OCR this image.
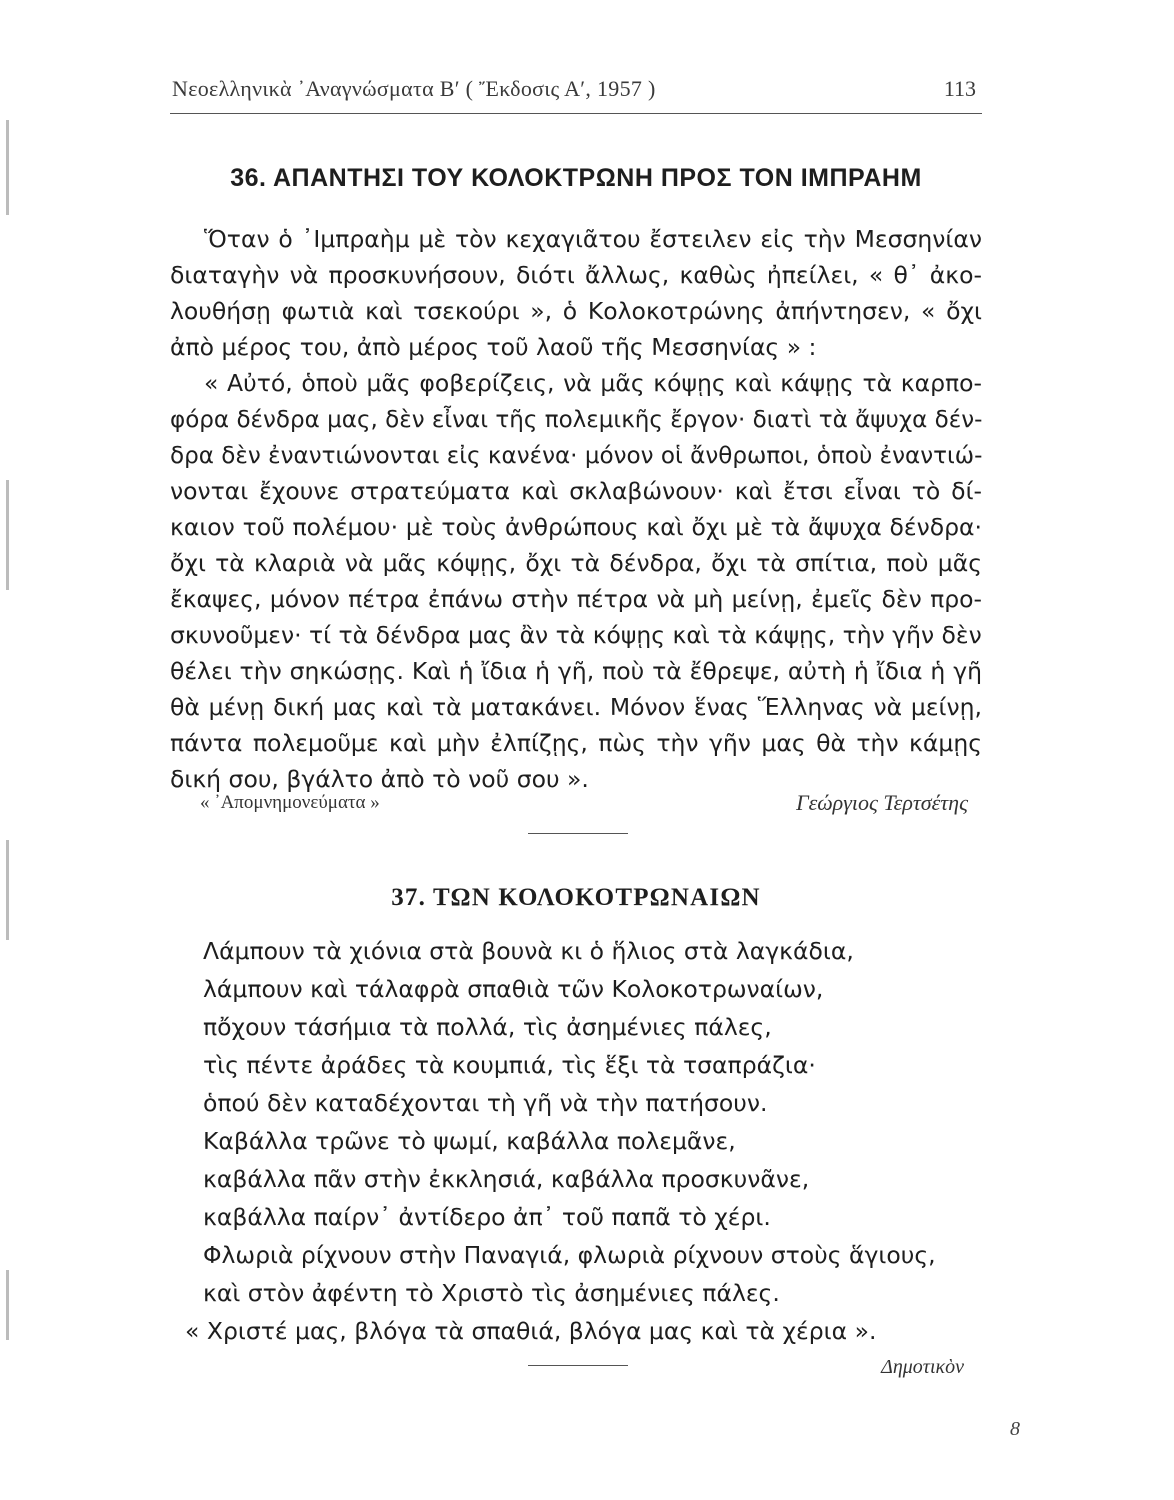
Νεοελληνικὰ ᾿Αναγνώσματα Β′ ( Ἔκδοσις Α′, 1957 )	113
36. ΑΠΑΝΤΗΣΙ ΤΟΥ ΚΟΛΟΚΤΡΩΝΗ ΠΡΟΣ ΤΟΝ ΙΜΠΡΑΗΜ
Ὅταν ὁ ᾿Ιμπραὴμ μὲ τὸν κεχαγιᾶτου ἔστειλεν εἰς τὴν Μεσσηνίαν
διαταγὴν νὰ προσκυνήσουν, διότι ἄλλως, καθὼς ἠπείλει, « θ᾿ ἀκο-
λουθήσῃ φωτιὰ καὶ τσεκούρι », ὁ Κολοκοτρώνης ἀπήντησεν, « ὄχι
ἀπὸ μέρος του, ἀπὸ μέρος τοῦ λαοῦ τῆς Μεσσηνίας » :
« Αὐτό, ὁποὺ μᾶς φοβερίζεις, νὰ μᾶς κόψῃς καὶ κάψῃς τὰ καρπο-
φόρα δένδρα μας, δὲν εἶναι τῆς πολεμικῆς ἔργον· διατὶ τὰ ἄψυχα δέν-
δρα δὲν ἐναντιώνονται εἰς κανένα· μόνον οἱ ἄνθρωποι, ὁποὺ ἐναντιώ-
νονται ἔχουνε στρατεύματα καὶ σκλαβώνουν· καὶ ἔτσι εἶναι τὸ δί-
καιον τοῦ πολέμου· μὲ τοὺς ἀνθρώπους καὶ ὄχι μὲ τὰ ἄψυχα δένδρα·
ὄχι τὰ κλαριὰ νὰ μᾶς κόψῃς, ὄχι τὰ δένδρα, ὄχι τὰ σπίτια, ποὺ μᾶς
ἔκαψες, μόνον πέτρα ἐπάνω στὴν πέτρα νὰ μὴ μείνῃ, ἐμεῖς δὲν προ-
σκυνοῦμεν· τί τὰ δένδρα μας ἂν τὰ κόψῃς καὶ τὰ κάψῃς, τὴν γῆν δὲν
θέλει τὴν σηκώσῃς. Καὶ ἡ ἴδια ἡ γῆ, ποὺ τὰ ἔθρεψε, αὐτὴ ἡ ἴδια ἡ γῆ
θὰ μένῃ δική μας καὶ τὰ ματακάνει. Μόνον ἕνας Ἕλληνας νὰ μείνῃ,
πάντα πολεμοῦμε καὶ μὴν ἐλπίζῃς, πὼς τὴν γῆν μας θὰ τὴν κάμῃς
δική σου, βγάλτο ἀπὸ τὸ νοῦ σου ».
« ᾿Απομνημονεύματα »	Γεώργιος Τερτσέτης
37. ΤΩΝ ΚΟΛΟΚΟΤΡΩΝΑΙΩΝ
Λάμπουν τὰ χιόνια στὰ βουνὰ κι ὁ ἥλιος στὰ λαγκάδια,
λάμπουν καὶ τάλαφρὰ σπαθιὰ τῶν Κολοκοτρωναίων,
πὄχουν τάσήμια τὰ πολλά, τὶς ἀσημένιες πάλες,
τὶς πέντε ἀράδες τὰ κουμπιά, τὶς ἕξι τὰ τσαπράζια·
ὁπού δὲν καταδέχονται τὴ γῆ νὰ τὴν πατήσουν.
Καβάλλα τρῶνε τὸ ψωμί, καβάλλα πολεμᾶνε,
καβάλλα πᾶν στὴν ἐκκλησιά, καβάλλα προσκυνᾶνε,
καβάλλα παίρν᾿ ἀντίδερο ἀπ᾿ τοῦ παπᾶ τὸ χέρι.
Φλωριὰ ρίχνουν στὴν Παναγιά, φλωριὰ ρίχνουν στοὺς ἅγιους,
καὶ στὸν ἀφέντη τὸ Χριστὸ τὶς ἀσημένιες πάλες.
« Χριστέ μας, βλόγα τὰ σπαθιά, βλόγα μας καὶ τὰ χέρια ».
Δημοτικὸν
8
